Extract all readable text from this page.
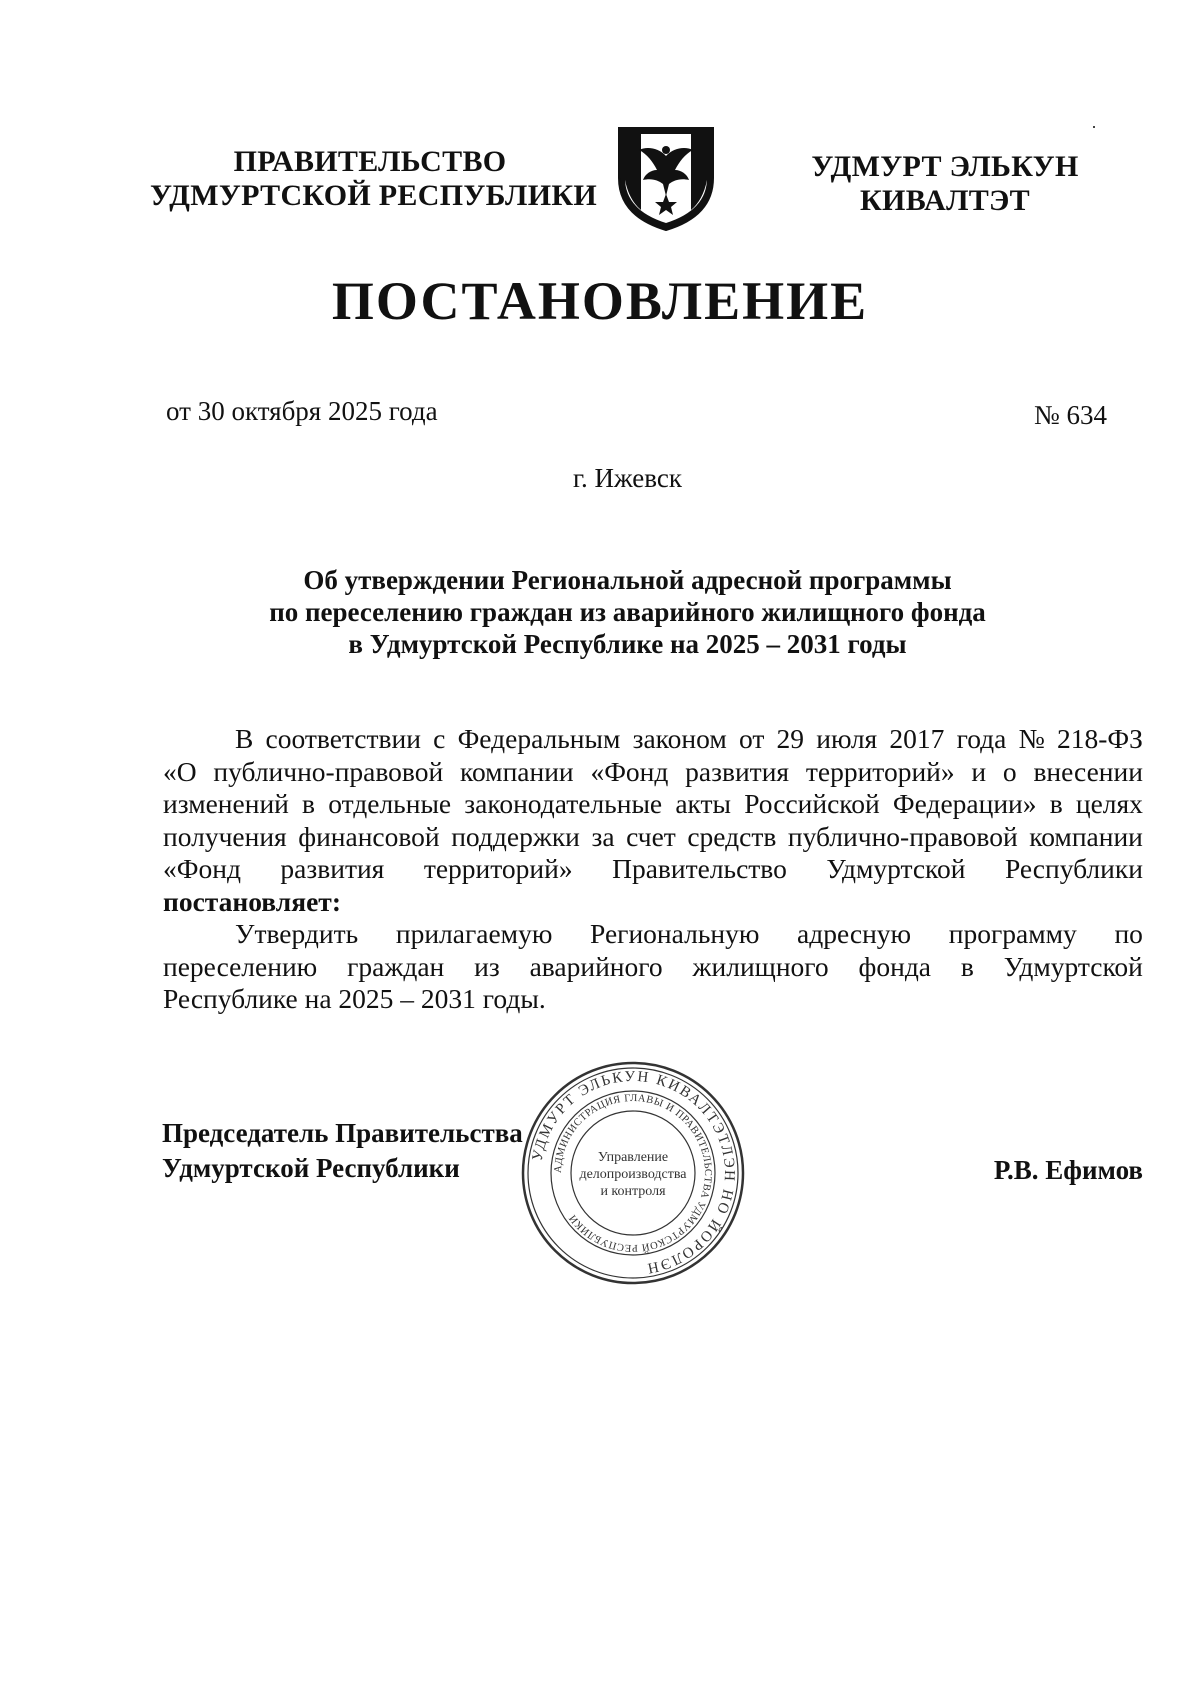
ПРАВИТЕЛЬСТВО
УДМУРТСКОЙ РЕСПУБЛИКИ
УДМУРТ ЭЛЬКУН
КИВАЛТЭТ
ПОСТАНОВЛЕНИЕ
от 30 октября 2025 года	№ 634
г. Ижевск
Об утверждении Региональной адресной программы
по переселению граждан из аварийного жилищного фонда
в Удмуртской Республике на 2025 – 2031 годы
В соответствии с Федеральным законом от 29 июля 2017 года № 218-ФЗ
«О публично-правовой компании «Фонд развития территорий» и о внесении
изменений в отдельные законодательные акты Российской Федерации» в целях
получения финансовой поддержки за счет средств публично-правовой компании
«Фонд развития территорий» Правительство Удмуртской Республики
постановляет :
Утвердить прилагаемую Региональную адресную программу по
переселению граждан из аварийного жилищного фонда в Удмуртской
Республике на 2025 – 2031 годы.
Председатель Правительства
Удмуртской Республики	Р.В. Ефимов
УДМУРТ ЭЛЬКУН КИВАЛТЭТЛЭН НО ЙОРОЛЭН
АДМИНИСТРАЦИЯ ГЛАВЫ И ПРАВИТЕЛЬСТВА УДМУРТСКОЙ РЕСПУБЛИКИ
Управление
делопроизводства
и контроля
